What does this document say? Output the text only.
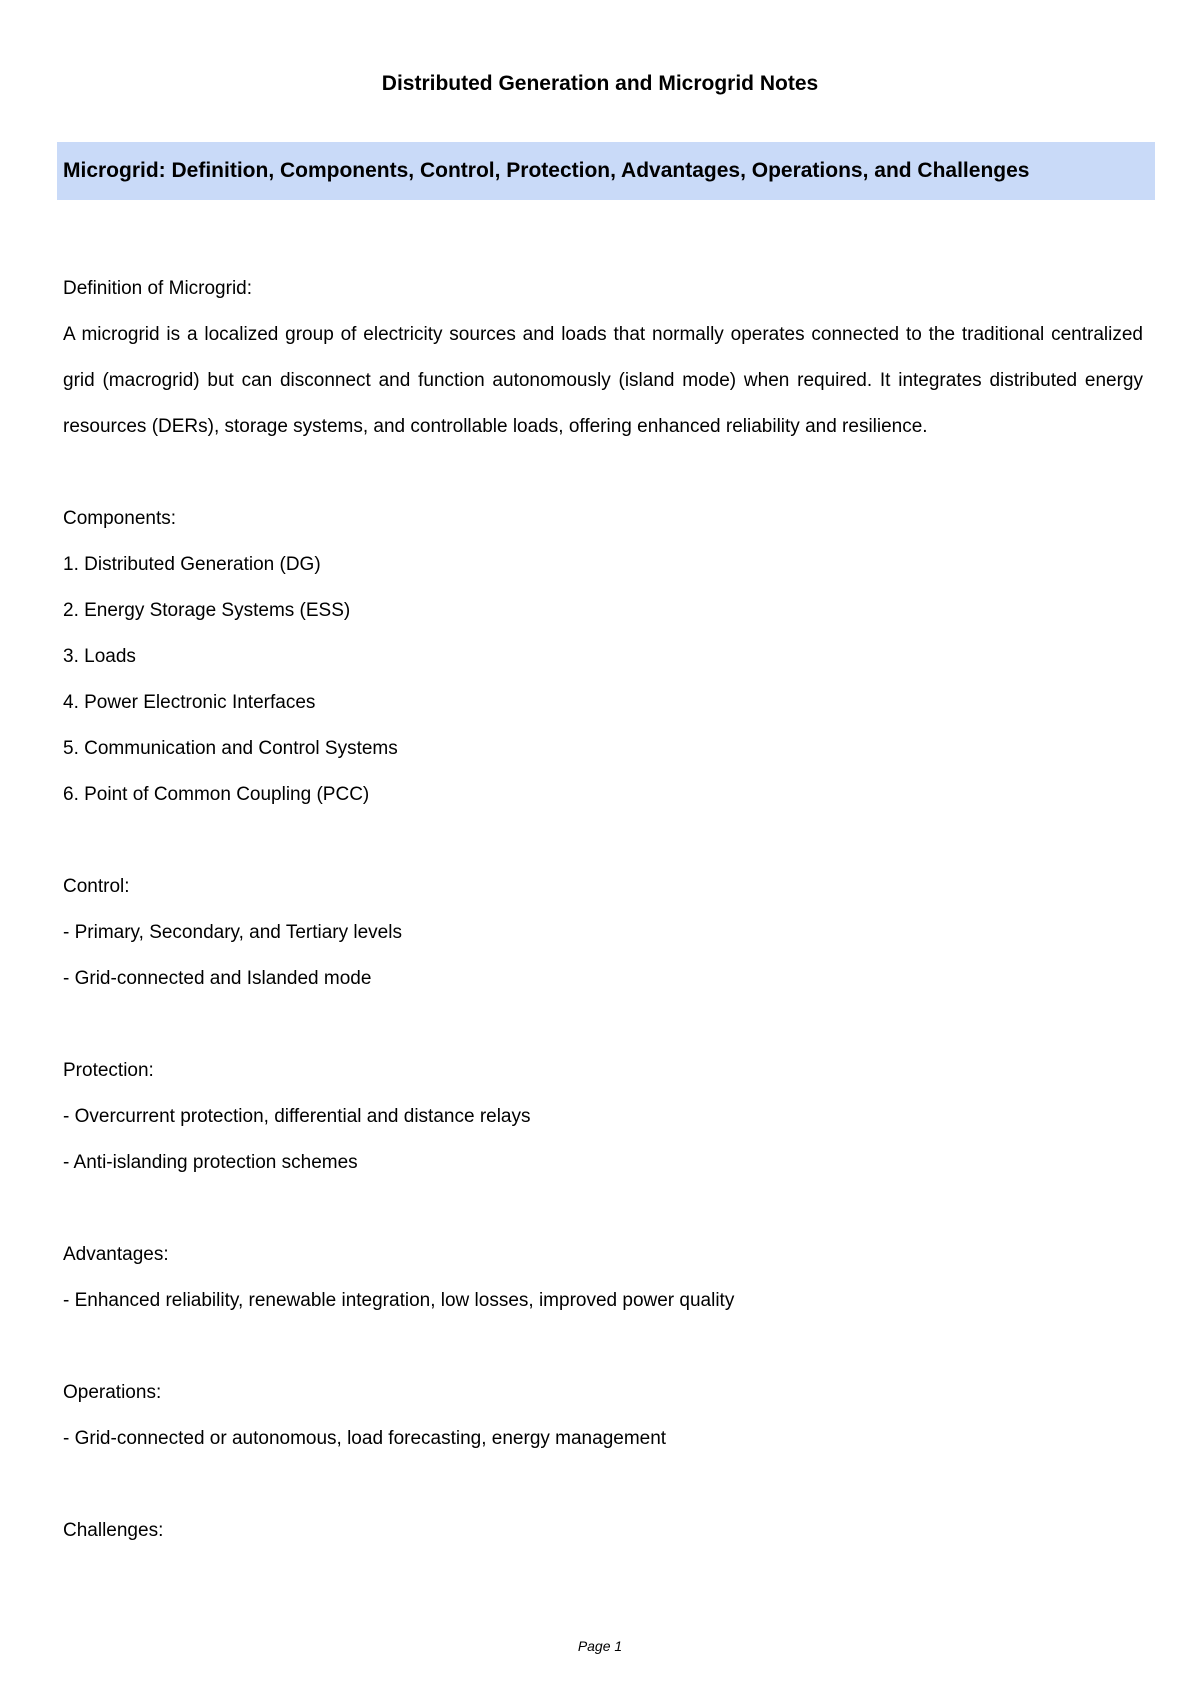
Distributed Generation and Microgrid Notes
Microgrid: Definition, Components, Control, Protection, Advantages, Operations, and Challenges
Definition of Microgrid:
A microgrid is a localized group of electricity sources and loads that normally operates connected to the traditional centralized grid (macrogrid) but can disconnect and function autonomously (island mode) when required. It integrates distributed energy resources (DERs), storage systems, and controllable loads, offering enhanced reliability and resilience.
Components:
1. Distributed Generation (DG)
2. Energy Storage Systems (ESS)
3. Loads
4. Power Electronic Interfaces
5. Communication and Control Systems
6. Point of Common Coupling (PCC)
Control:
- Primary, Secondary, and Tertiary levels
- Grid-connected and Islanded mode
Protection:
- Overcurrent protection, differential and distance relays
- Anti-islanding protection schemes
Advantages:
- Enhanced reliability, renewable integration, low losses, improved power quality
Operations:
- Grid-connected or autonomous, load forecasting, energy management
Challenges:
Page 1
